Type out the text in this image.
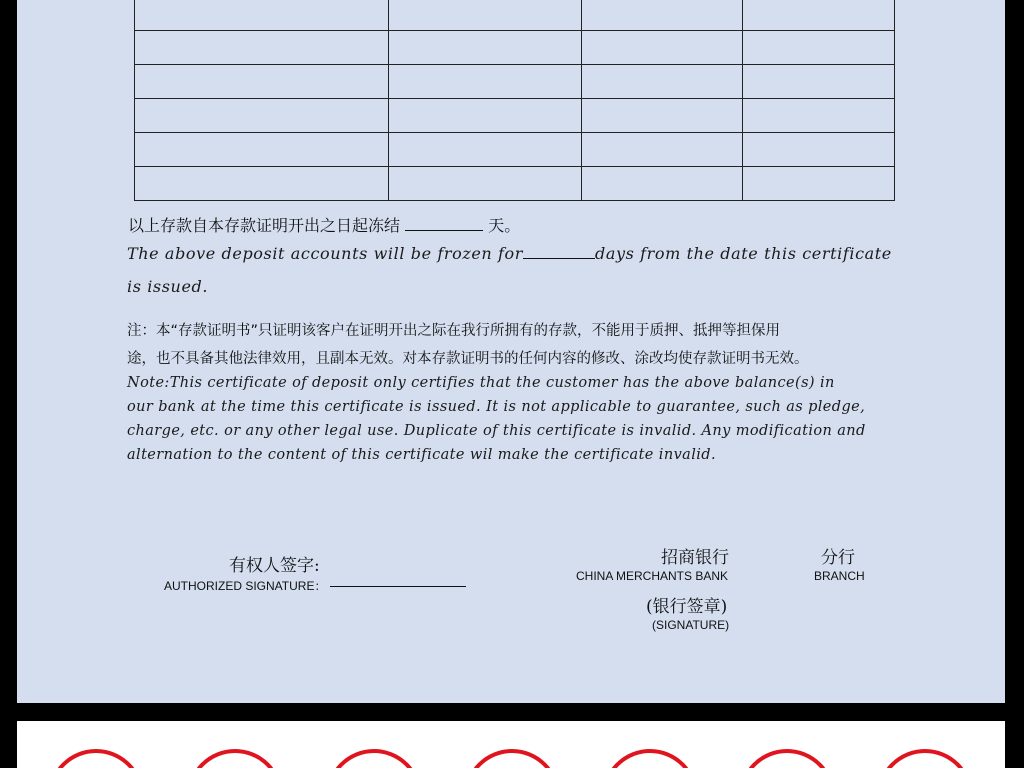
以上存款自本存款证明开出之日起冻结	天。
The above deposit accounts will be frozen for	days from the date this certificate
is issued.
注：本“存款证明书”只证明该客户在证明开出之际在我行所拥有的存款，不能用于质押、抵押等担保用
途，也不具备其他法律效用，且副本无效。对本存款证明书的任何内容的修改、涂改均使存款证明书无效。
Note:This certificate of deposit only certifies that the customer has the above balance(s) in
our bank at the time this certificate is issued. It is not applicable to guarantee, such as pledge,
charge, etc. or any other legal use. Duplicate of this certificate is invalid. Any modification and
alternation to the content of this certificate wil make the certificate invalid.
有权人签字:
AUTHORIZED SIGNATURE：
招商银行
CHINA MERCHANTS BANK
分行
BRANCH
(银行签章)
(SIGNATURE)
